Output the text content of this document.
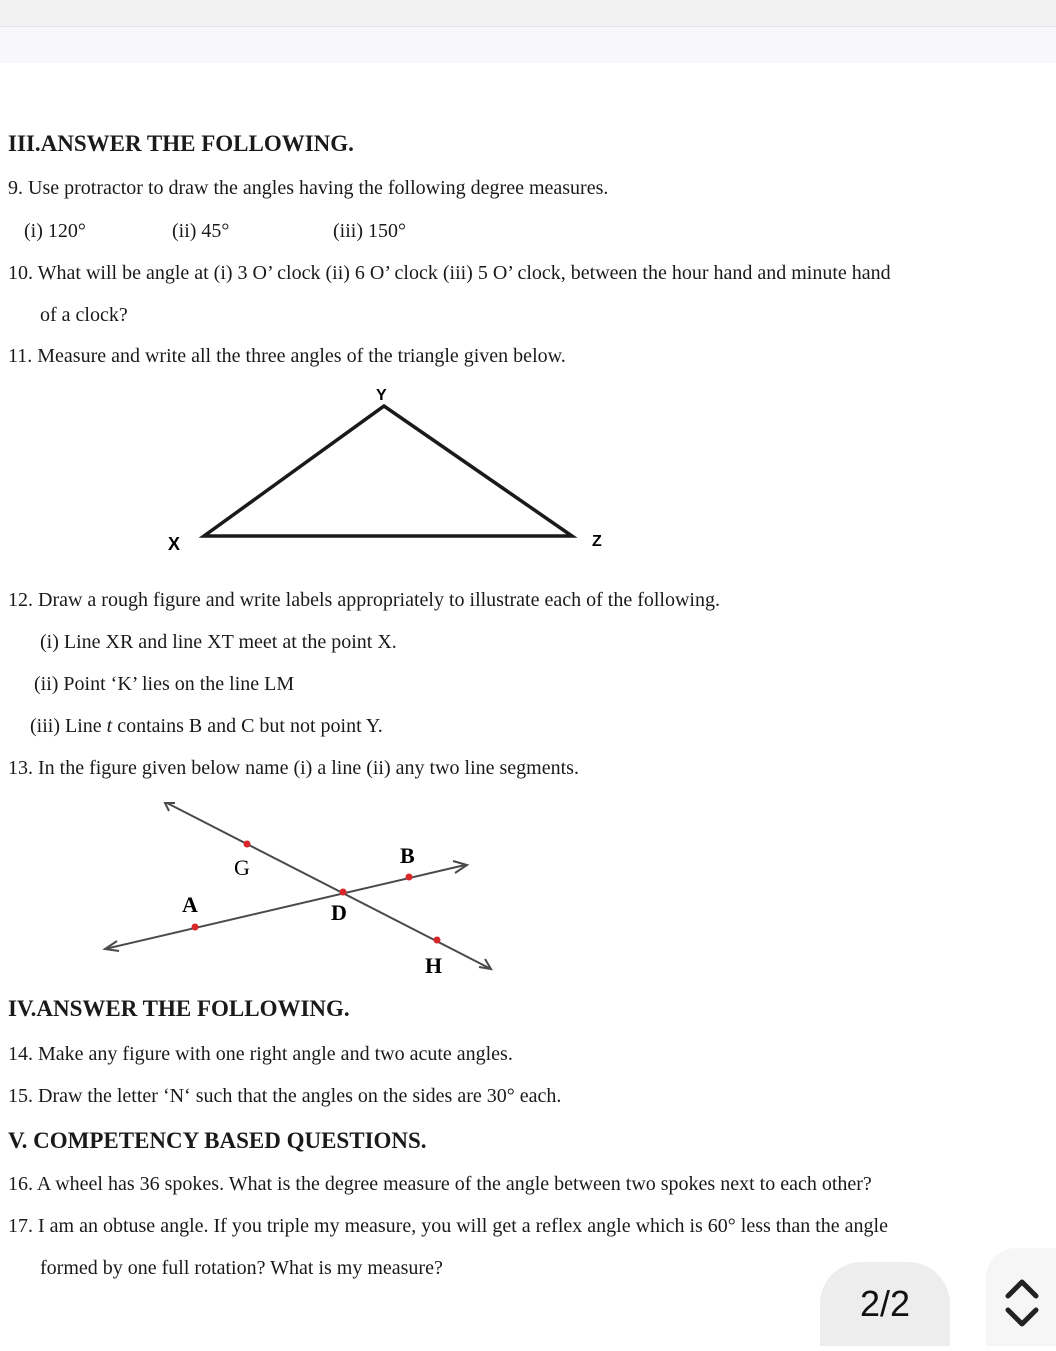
III.ANSWER THE FOLLOWING.
9. Use protractor to draw the angles having the following degree measures.
(i) 120°	(ii) 45°	(iii) 150°
10. What will be angle at (i) 3 O’ clock (ii) 6 O’ clock (iii) 5 O’ clock, between the hour hand and minute hand
of a clock?
11. Measure and write all the three angles of the triangle given below.
Y
X	Z
12. Draw a rough figure and write labels appropriately to illustrate each of the following.
(i) Line XR and line XT meet at the point X.
(ii) Point ‘K’ lies on the line LM
(iii) Line t contains B and C but not point Y.
13. In the figure given below name (i) a line (ii) any two line segments.
G	B
A	D
H
IV.ANSWER THE FOLLOWING.
14. Make any figure with one right angle and two acute angles.
15. Draw the letter ‘N‘ such that the angles on the sides are 30° each.
V. COMPETENCY BASED QUESTIONS.
16. A wheel has 36 spokes. What is the degree measure of the angle between two spokes next to each other?
17. I am an obtuse angle. If you triple my measure, you will get a reflex angle which is 60° less than the angle
formed by one full rotation? What is my measure?
2/2
